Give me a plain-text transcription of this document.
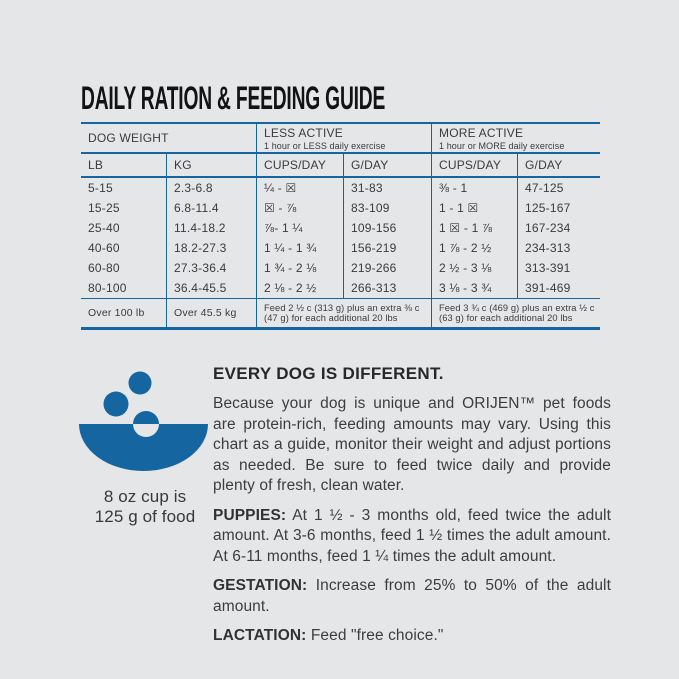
DAILY RATION & FEEDING GUIDE
DOG WEIGHT	LESS ACTIVE
1 hour or LESS daily exercise
MORE ACTIVE
1 hour or MORE daily exercise
LB	KG	CUPS/DAY	G/DAY	CUPS/DAY	G/DAY
5-15	2.3-6.8	¼ - ☒	31-83	⅜ - 1	47-125
15-25	6.8-11.4	☒ - ⅞	83-109	1 - 1 ☒	125-167
25-40	11.4-18.2	⅞- 1 ¼	109-156	1 ☒ - 1 ⅞	167-234
40-60	18.2-27.3	1 ¼ - 1 ¾	156-219	1 ⅞ - 2 ½	234-313
60-80	27.3-36.4	1 ¾ - 2 ⅛	219-266	2 ½ - 3 ⅛	313-391
80-100	36.4-45.5	2 ⅛ - 2 ½	266-313	3 ⅛ - 3 ¾	391-469
Over 100 lb	Over 45.5 kg	Feed 2 ½ c (313 g) plus an extra ⅜ c (47 g) for each additional 20 lbs
Feed 3 ¾ c (469 g) plus an extra ½ c (63 g) for each additional 20 lbs
8 oz cup is
125 g of food
EVERY DOG IS DIFFERENT.

Because your dog is unique and ORIJEN™ pet foods are protein-rich, feeding amounts may vary. Using this chart as a guide, monitor their weight and adjust portions as needed. Be sure to feed twice daily and provide plenty of fresh, clean water.

PUPPIES: At 1 ½ - 3 months old, feed twice the adult amount. At 3-6 months, feed 1 ½ times the adult amount. At 6-11 months, feed 1 ¼ times the adult amount.

GESTATION: Increase from 25% to 50% of the adult amount.

LACTATION: Feed "free choice."
